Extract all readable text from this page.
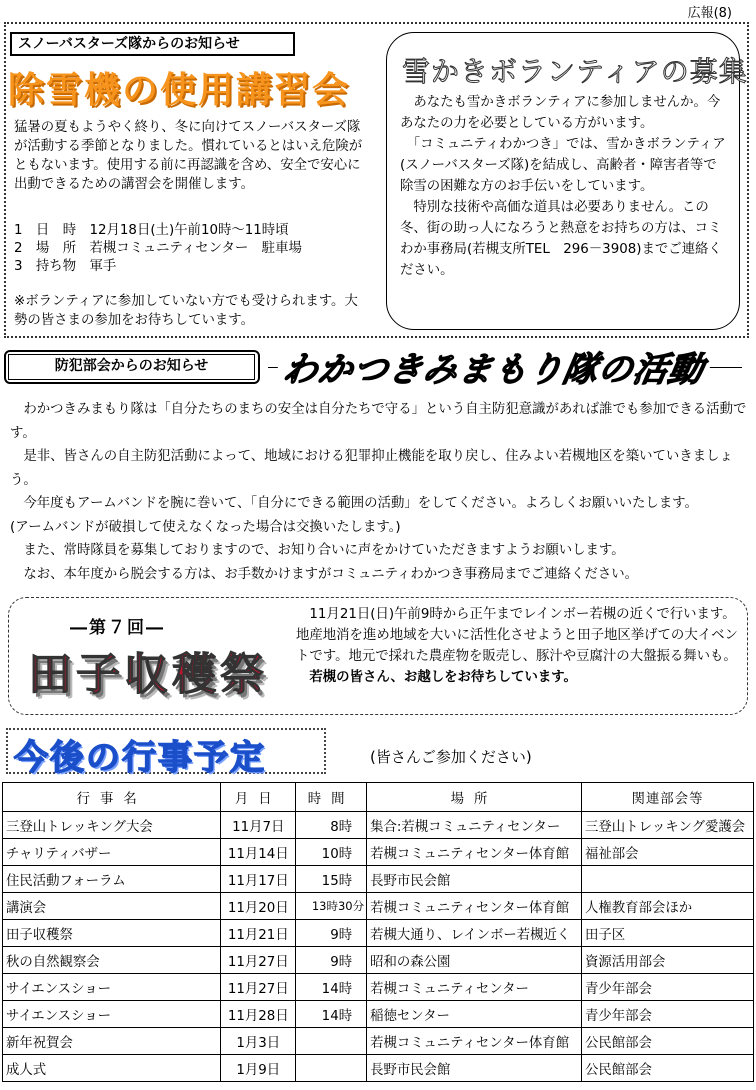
広報(8)
スノーバスターズ隊からのお知らせ
除雪機の使用講習会
猛暑の夏もようやく終り、冬に向けてスノーバスターズ隊が活動する季節となりました。慣れているとはいえ危険がともないます。使用する前に再認識を含め、安全で安心に出動できるための講習会を開催します。
1　日　時　12月18日(土)午前10時～11時頃
2　場　所　若槻コミュニティセンター　駐車場
3　持ち物　軍手
※ボランティアに参加していない方でも受けられます。大勢の皆さまの参加をお待ちしています。
雪かきボランティアの募集
　あなたも雪かきボランティアに参加しませんか。今あなたの力を必要としている方がいます。
　「コミュニティわかつき」では、雪かきボランティア(スノーバスターズ隊)を結成し、高齢者・障害者等で除雪の困難な方のお手伝いをしています。
　特別な技術や高価な道具は必要ありません。この冬、街の助っ人になろうと熱意をお持ちの方は、コミわか事務局(若槻支所TEL　296－3908)までご連絡ください。
防犯部会からのお知らせ	わかつきみまもり隊の活動

　わかつきみまもり隊は「自分たちのまちの安全は自分たちで守る」という自主防犯意識があれば誰でも参加できる活動です。

　是非、皆さんの自主防犯活動によって、地域における犯罪抑止機能を取り戻し、住みよい若槻地区を築いていきましょう。

　今年度もアームバンドを腕に巻いて、「自分にできる範囲の活動」をしてください。よろしくお願いいたします。

(アームバンドが破損して使えなくなった場合は交換いたします。)

　また、常時隊員を募集しておりますので、お知り合いに声をかけていただきますようお願いします。

　なお、本年度から脱会する方は、お手数かけますがコミュニティわかつき事務局までご連絡ください。

―第７回―
田子収穫祭
　11月21日(日)午前9時から正午までレインボー若槻の近くで行います。地産地消を進め地域を大いに活性化させようと田子地区挙げての大イベントです。地元で採れた農産物を販売し、豚汁や豆腐汁の大盤振る舞いも。
　若槻の皆さん、お越しをお待ちしています。
今後の行事予定	(皆さんご参加ください)
行事名	月日	時間	場所	関連部会等
三登山トレッキング大会	11月7日	8時	集合:若槻コミュニティセンター	三登山トレッキング愛護会
チャリティバザー	11月14日	10時	若槻コミュニティセンター体育館	福祉部会
住民活動フォーラム	11月17日	15時	長野市民会館	
講演会	11月20日	13時30分	若槻コミュニティセンター体育館	人権教育部会ほか
田子収穫祭	11月21日	9時	若槻大通り、レインボー若槻近く	田子区
秋の自然観察会	11月27日	9時	昭和の森公園	資源活用部会
サイエンスショー	11月27日	14時	若槻コミュニティセンター	青少年部会
サイエンスショー	11月28日	14時	稲徳センター	青少年部会
新年祝賀会	1月3日		若槻コミュニティセンター体育館	公民館部会
成人式	1月9日		長野市民会館	公民館部会
